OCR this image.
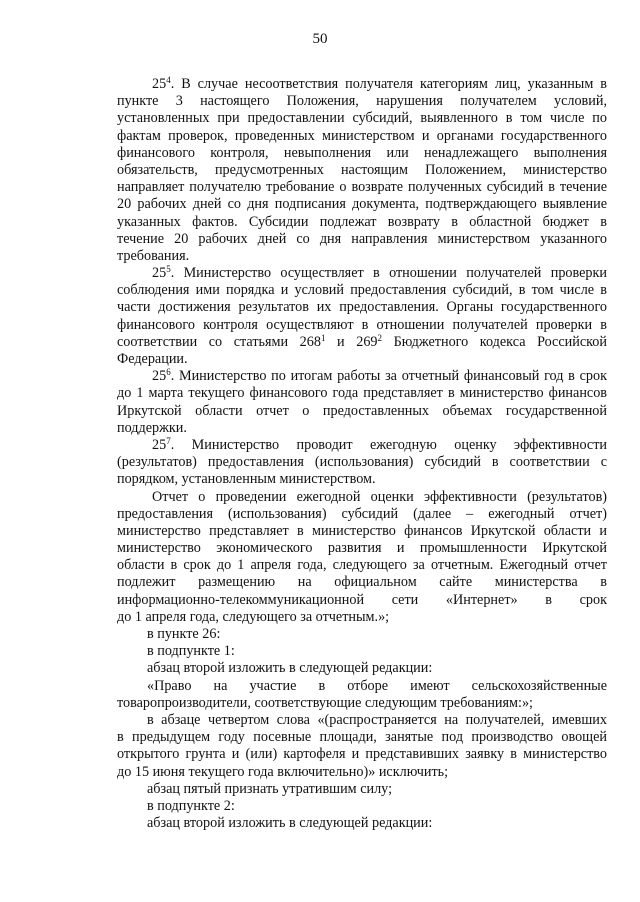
50
$25^4$. В случае несоответствия получателя категориям лиц, указанным в
пункте 3 настоящего Положения, нарушения получателем условий,
установленных при предоставлении субсидий, выявленного в том числе по
фактам проверок, проведенных министерством и органами государственного
финансового контроля, невыполнения или ненадлежащего выполнения
обязательств, предусмотренных настоящим Положением, министерство
направляет получателю требование о возврате полученных субсидий в течение
20 рабочих дней со дня подписания документа, подтверждающего выявление
указанных фактов. Субсидии подлежат возврату в областной бюджет в
течение 20 рабочих дней со дня направления министерством указанного
требования.
$25^5$. Министерство осуществляет в отношении получателей проверки
соблюдения ими порядка и условий предоставления субсидий, в том числе в
части достижения результатов их предоставления. Органы государственного
финансового контроля осуществляют в отношении получателей проверки в
соответствии со статьями $268^1$ и $269^2$ Бюджетного кодекса Российской
Федерации.
$25^6$. Министерство по итогам работы за отчетный финансовый год в срок
до 1 марта текущего финансового года представляет в министерство финансов
Иркутской области отчет о предоставленных объемах государственной
поддержки.
$25^7$. Министерство проводит ежегодную оценку эффективности
(результатов) предоставления (использования) субсидий в соответствии с
порядком, установленным министерством.
Отчет о проведении ежегодной оценки эффективности (результатов)
предоставления (использования) субсидий (далее – ежегодный отчет)
министерство представляет в министерство финансов Иркутской области и
министерство экономического развития и промышленности Иркутской
области в срок до 1 апреля года, следующего за отчетным. Ежегодный отчет
подлежит размещению на официальном сайте министерства в
информационно-телекоммуникационной сети «Интернет» в срок
до 1 апреля года, следующего за отчетным.»;
в пункте 26:
в подпункте 1:
абзац второй изложить в следующей редакции:
«Право на участие в отборе имеют сельскохозяйственные
товаропроизводители, соответствующие следующим требованиям:»;
в абзаце четвертом слова «(распространяется на получателей, имевших
в предыдущем году посевные площади, занятые под производство овощей
открытого грунта и (или) картофеля и представивших заявку в министерство
до 15 июня текущего года включительно)» исключить;
абзац пятый признать утратившим силу;
в подпункте 2:
абзац второй изложить в следующей редакции:
